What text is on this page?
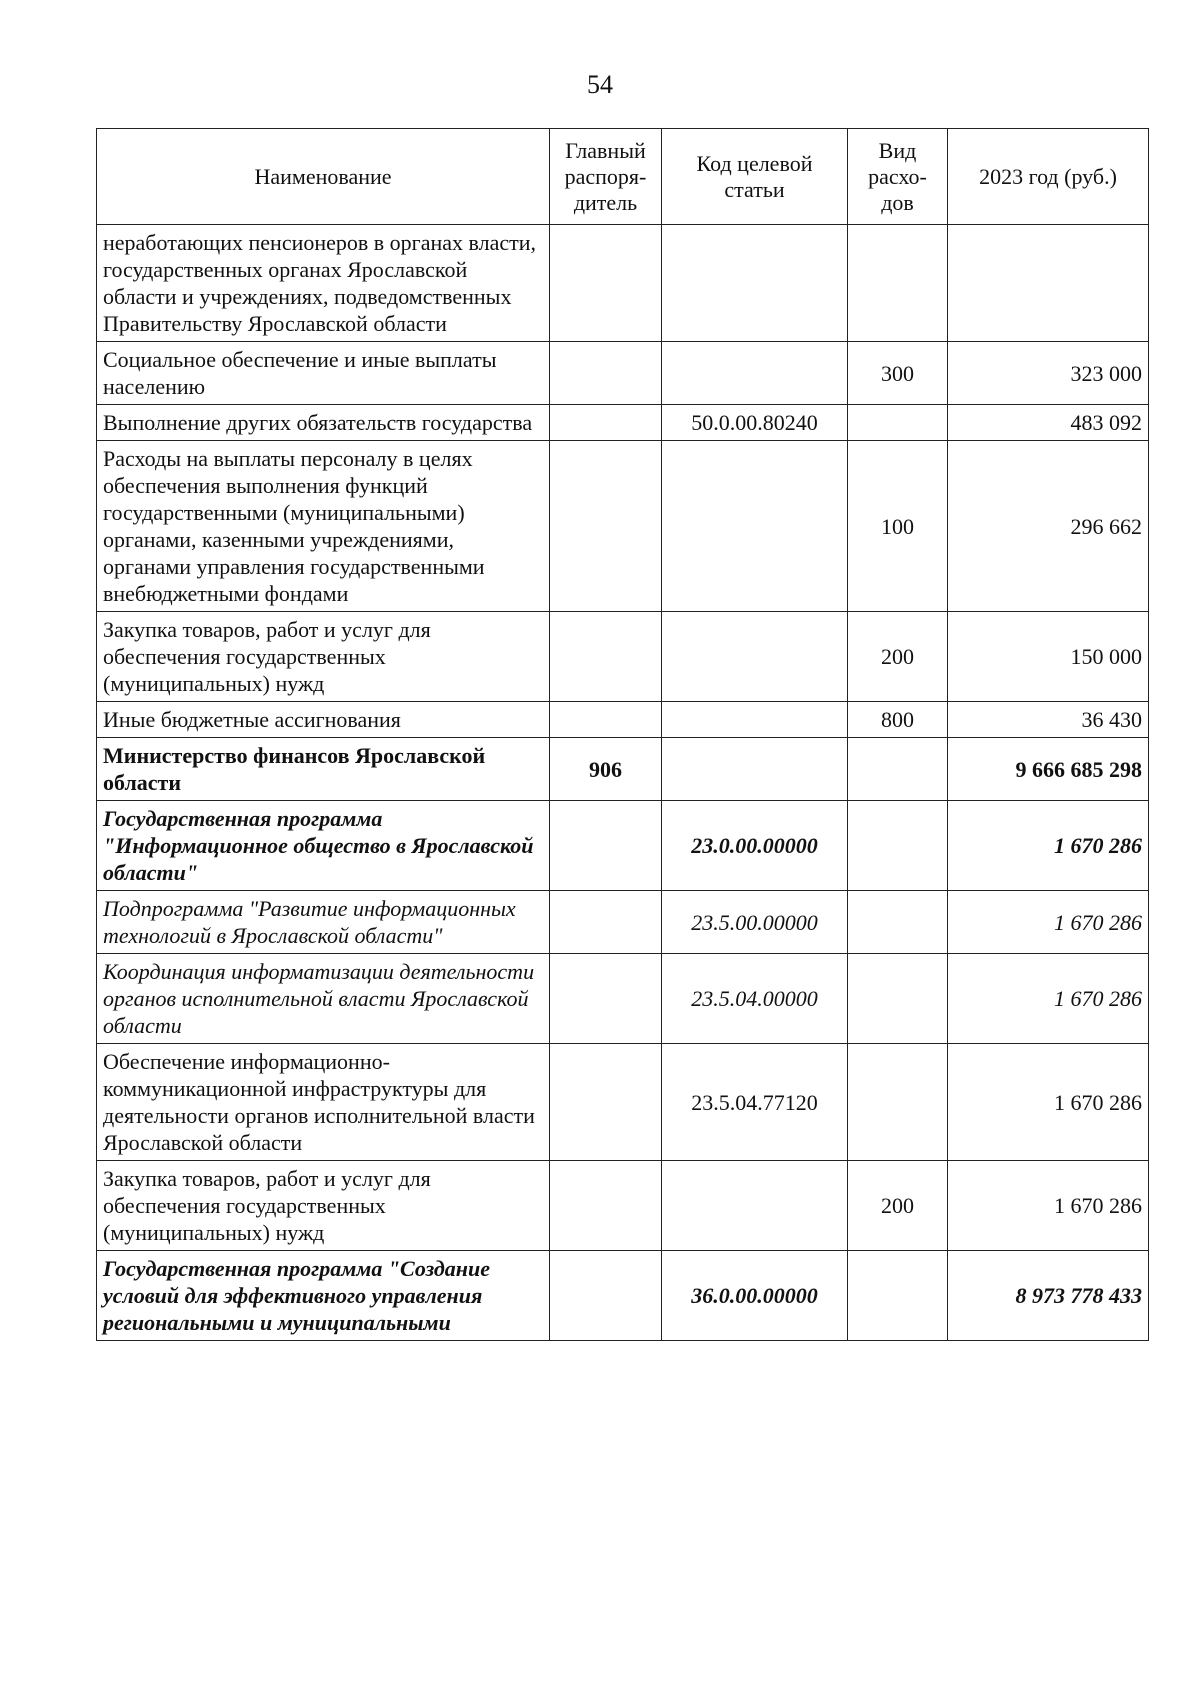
54
Наименование	Главный распоря-дитель	Код целевой статьи	Вид расхо-дов	2023 год (руб.)
неработающих пенсионеров в органах власти, государственных органах Ярославской области и учреждениях, подведомственных Правительству Ярославской области				
Социальное обеспечение и иные выплаты населению			300	323 000
Выполнение других обязательств государства		50.0.00.80240		483 092
Расходы на выплаты персоналу в целях обеспечения выполнения функций государственными (муниципальными) органами, казенными учреждениями, органами управления государственными внебюджетными фондами			100	296 662
Закупка товаров, работ и услуг для обеспечения государственных (муниципальных) нужд			200	150 000
Иные бюджетные ассигнования			800	36 430
Министерство финансов Ярославской области	906			9 666 685 298
Государственная программа "Информационное общество в Ярославской области"		23.0.00.00000		1 670 286
Подпрограмма "Развитие информационных технологий в Ярославской области"		23.5.00.00000		1 670 286
Координация информатизации деятельности органов исполнительной власти Ярославской области		23.5.04.00000		1 670 286
Обеспечение информационно-коммуникационной инфраструктуры для деятельности органов исполнительной власти Ярославской области		23.5.04.77120		1 670 286
Закупка товаров, работ и услуг для обеспечения государственных (муниципальных) нужд			200	1 670 286
Государственная программа "Создание условий для эффективного управления региональными и муниципальными		36.0.00.00000		8 973 778 433
